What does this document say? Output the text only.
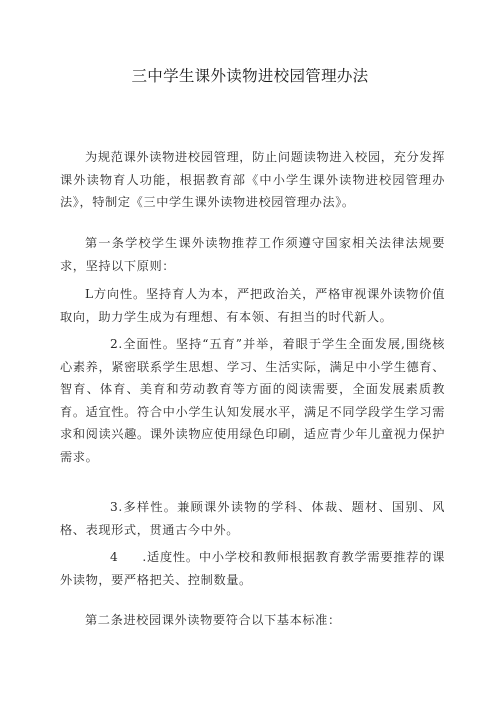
三中学生课外读物进校园管理办法

为规范课外读物进校园管理，防止问题读物进入校园，充分发挥课外读物育人功能，根据教育部《中小学生课外读物进校园管理办法》，特制定《三中学生课外读物进校园管理办法》。

第一条学校学生课外读物推荐工作须遵守国家相关法律法规要求，坚持以下原则：

L方向性。坚持育人为本，严把政治关，严格审视课外读物价值取向，助力学生成为有理想、有本领、有担当的时代新人。

2.全面性。坚持“五育”并举，着眼于学生全面发展,围绕核心素养，紧密联系学生思想、学习、生活实际，满足中小学生德育、智育、体育、美育和劳动教育等方面的阅读需要，全面发展素质教育。适宜性。符合中小学生认知发展水平，满足不同学段学生学习需求和阅读兴趣。课外读物应使用绿色印刷，适应青少年儿童视力保护需求。

3.多样性。兼顾课外读物的学科、体裁、题材、国别、风格、表现形式，贯通古今中外。

4 .适度性。中小学校和教师根据教育教学需要推荐的课外读物，要严格把关、控制数量。

第二条进校园课外读物要符合以下基本标准：
